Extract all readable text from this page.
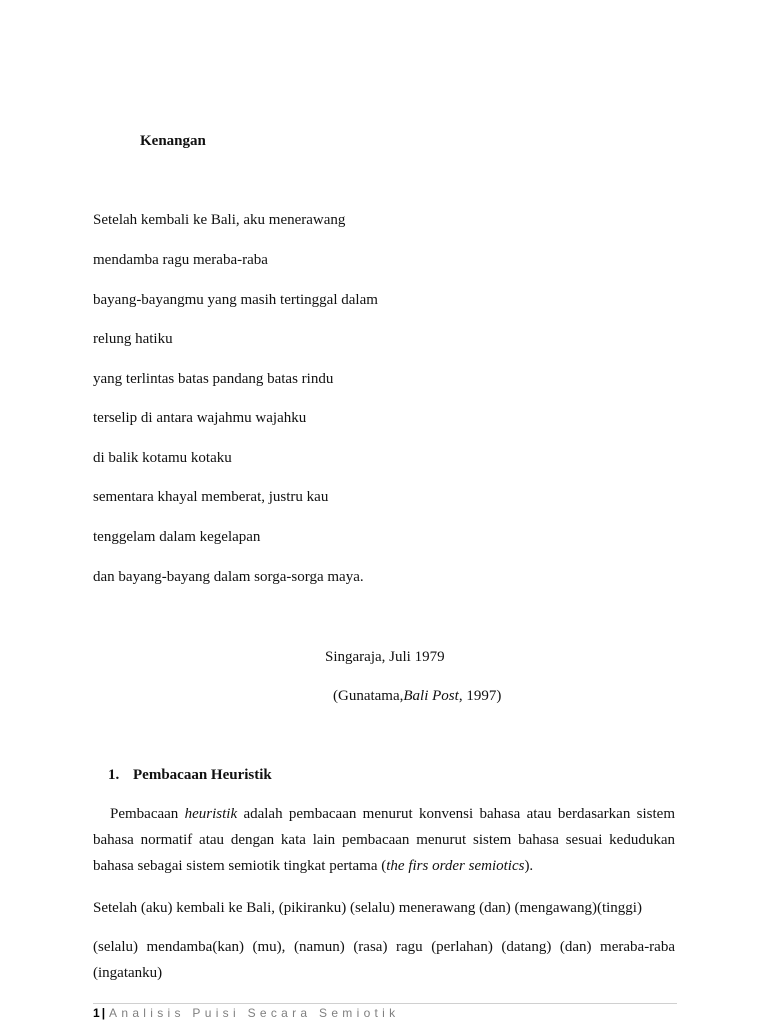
Kenangan
Setelah kembali ke Bali, aku menerawang
mendamba ragu meraba-raba
bayang-bayangmu yang masih tertinggal dalam
relung hatiku
yang terlintas batas pandang batas rindu
terselip di antara wajahmu wajahku
di balik kotamu kotaku
sementara khayal memberat, justru kau
tenggelam dalam kegelapan
dan bayang-bayang dalam sorga-sorga maya.
Singaraja, Juli 1979
(Gunatama,Bali Post, 1997)
1. Pembacaan Heuristik
Pembacaan heuristik adalah pembacaan menurut konvensi bahasa atau berdasarkan sistem bahasa normatif atau dengan kata lain pembacaan menurut sistem bahasa sesuai kedudukan bahasa sebagai sistem semiotik tingkat pertama (the firs order semiotics).
Setelah (aku) kembali ke Bali, (pikiranku) (selalu) menerawang (dan) (mengawang)(tinggi)
(selalu) mendamba(kan) (mu), (namun) (rasa) ragu (perlahan) (datang) (dan) meraba-raba (ingatanku)
1 | Analisis Puisi Secara Semiotik
